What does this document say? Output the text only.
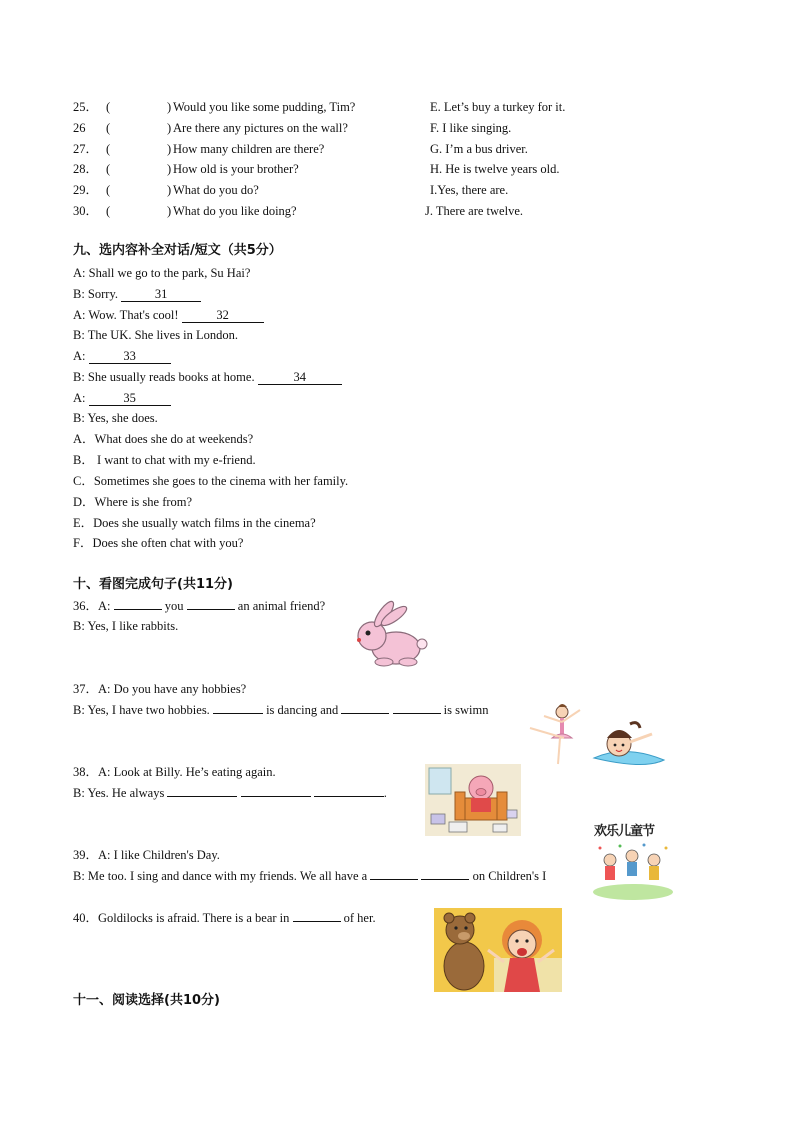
25． (	) Would you like some pudding, Tim?	E. Let’s buy a turkey for it.
26 (	) Are there any pictures on the wall?	F. I like singing.
27． (	) How many children are there?	G. I’m a bus driver.
28． (	) How old is your brother?	H. He is twelve years old.
29． (	) What do you do?	I.Yes, there are.
30． (	) What do you like doing?	J. There are twelve.
九、选内容补全对话/短文（共5分）
A: Shall we go to the park, Su Hai?
B: Sorry.	31
A: Wow. That's cool!	32
B: The UK. She lives in London.
A:	33
B: She usually reads books at home.	34
A:	35
B: Yes, she does.
A．What does she do at weekends?
B． I want to chat with my e-friend.
C．Sometimes she goes to the cinema with her family.
D．Where is she from?
E．Does she usually watch films in the cinema?
F．Does she often chat with you?
十、看图完成句子(共11分)
36．A:	you	an animal friend?
B: Yes, I like rabbits.
37．A: Do you have any hobbies?
B: Yes, I have two hobbies.	is dancing and	is swimn
38．A: Look at Billy. He’s eating again.
B: Yes. He always	.
39．A: I like Children's Day.
B: Me too. I sing and dance with my friends. We all have a	on Children's I
欢乐儿童节
40．Goldilocks is afraid. There is a bear in	of her.
十一、阅读选择(共10分)
